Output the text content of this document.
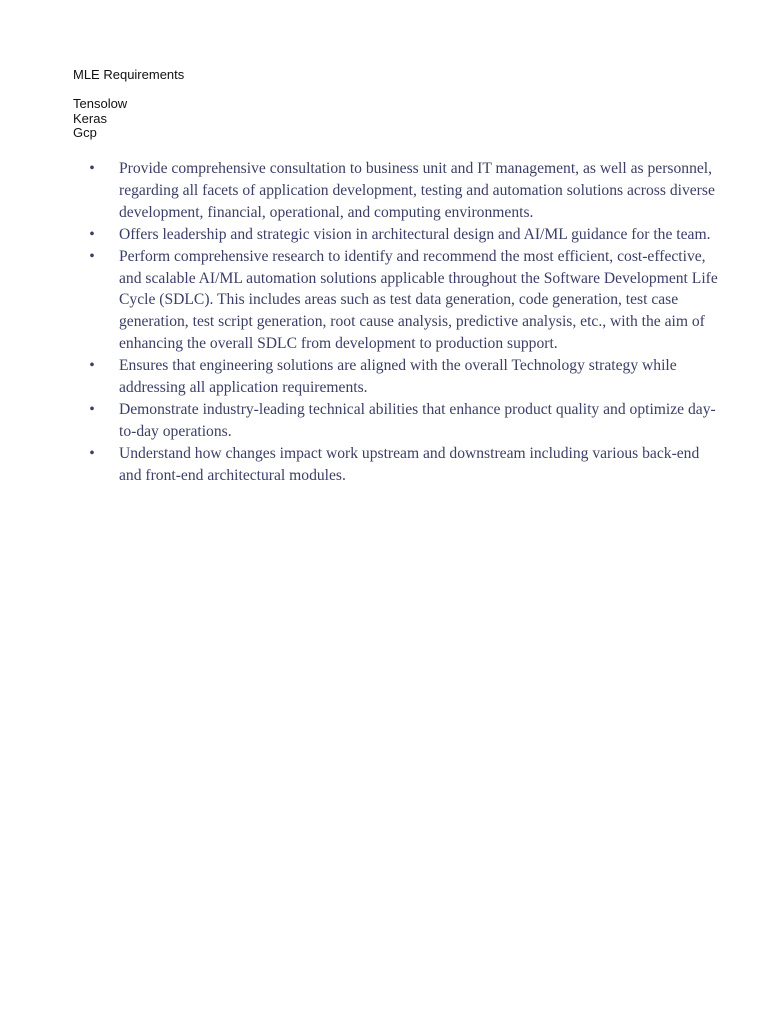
MLE Requirements
Tensolow
Keras
Gcp
• Provide comprehensive consultation to business unit and IT management, as well as personnel, regarding all facets of application development, testing and automation solutions across diverse development, financial, operational, and computing environments.
• Offers leadership and strategic vision in architectural design and AI/ML guidance for the team.
• Perform comprehensive research to identify and recommend the most efficient, cost-effective, and scalable AI/ML automation solutions applicable throughout the Software Development Life Cycle (SDLC). This includes areas such as test data generation, code generation, test case generation, test script generation, root cause analysis, predictive analysis, etc., with the aim of enhancing the overall SDLC from development to production support.
• Ensures that engineering solutions are aligned with the overall Technology strategy while addressing all application requirements.
• Demonstrate industry-leading technical abilities that enhance product quality and optimize day-to-day operations.
• Understand how changes impact work upstream and downstream including various back-end and front-end architectural modules.
